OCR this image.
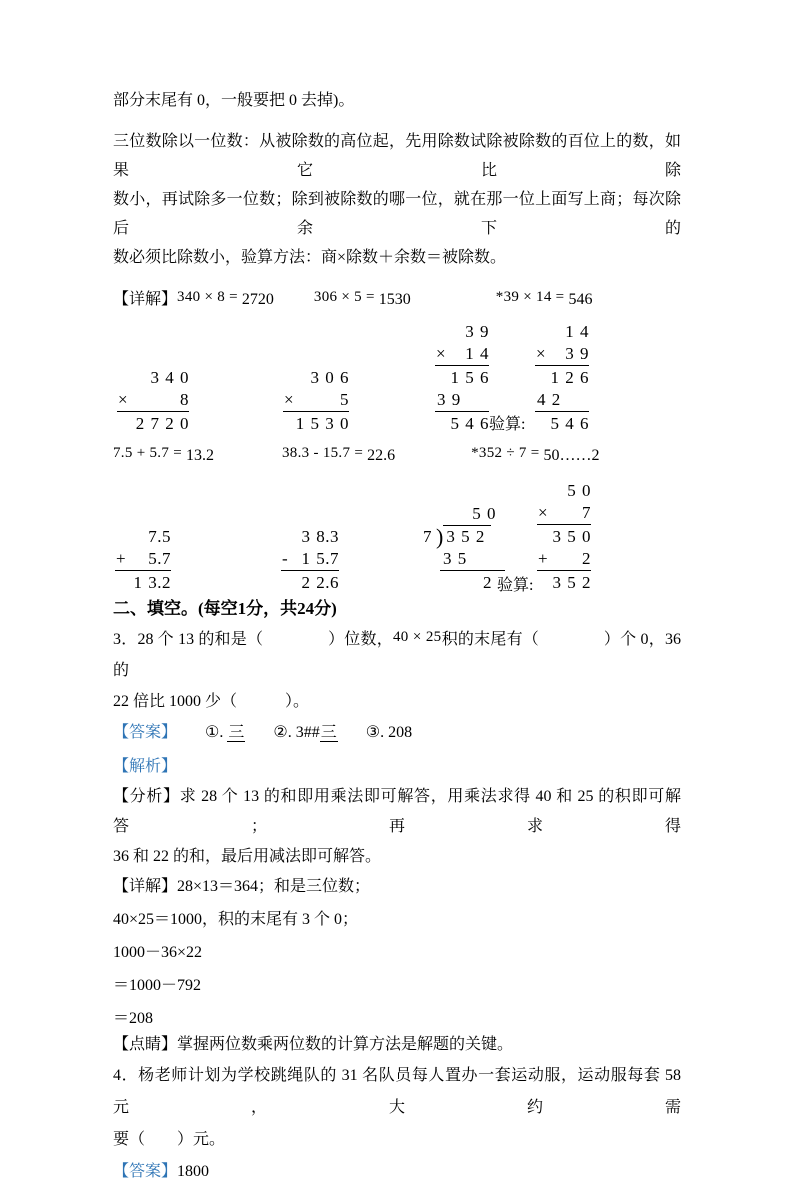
部分末尾有 0，一般要把 0 去掉)。
三位数除以一位数：从被除数的高位起，先用除数试除被除数的百位上的数，如果它比除
数小，再试除多一位数；除到被除数的哪一位，就在那一位上面写上商；每次除后余下的
数必须比除数小，验算方法：商×除数＋余数＝被除数。
【详解】340 × 8 = 2720	306 × 5 = 1530	*39 × 14 = 546
3 4 0
×	8
2 7 2 0
3 0 6
×	5
1 5 3 0
3 9
× 1 4
1 5 6
3 9
5 4 6 验算:
1 4
× 3 9
1 2 6
4 2
5 4 6
7.5 + 5.7 = 13.2	38.3 - 15.7 = 22.6	*352 ÷ 7 = 50……2
7.5
+ 5.7
1 3.2
3 8.3
- 1 5.7
2 2.6
5 0
7 ) 3 5 2
3 5
2 验算:
5 0
× 7
3 5 0
+ 2
3 5 2
二、填空。(每空1分，共24分)
3．28 个 13 的和是（　　　　）位数，40 × 25积的末尾有（　　　　）个 0，36 的
22 倍比 1000 少（　　　）。
【答案】 ①. 三 ②. 3##三 ③. 208
【解析】
【分析】求 28 个 13 的和即用乘法即可解答，用乘法求得 40 和 25 的积即可解答；再求得
36 和 22 的和，最后用减法即可解答。
【详解】28×13＝364；和是三位数；
40×25＝1000，积的末尾有 3 个 0；
1000－36×22
＝1000－792
＝208
【点睛】掌握两位数乘两位数的计算方法是解题的关键。
4．杨老师计划为学校跳绳队的 31 名队员每人置办一套运动服，运动服每套 58 元，大约需
要（　　）元。
【答案】1800
